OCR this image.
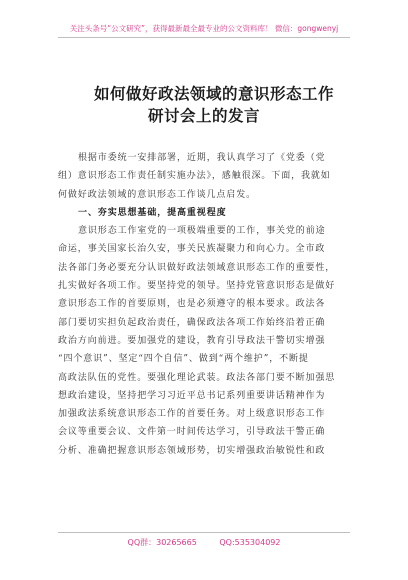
关注头条号“公文研究”，获得最新最全最专业的公文资料库！ 微信：gongwenyj
如何做好政法领域的意识形态工作
研讨会上的发言
根据市委统一安排部署，近期，我认真学习了《党委（党
组）意识形态工作责任制实施办法》，感触很深。下面，我就如
何做好政法领域的意识形态工作谈几点启发。
一、夯实思想基础，提高重视程度
意识形态工作室党的一项极端重要的工作，事关党的前途
命运，事关国家长治久安，事关民族凝聚力和向心力。全市政
法各部门务必要充分认识做好政法领域意识形态工作的重要性，
扎实做好各项工作。要坚持党的领导。坚持党管意识形态是做好
意识形态工作的首要原则，也是必须遵守的根本要求。政法各
部门要切实担负起政治责任，确保政法各项工作始终沿着正确
政治方向前进。要加强党的建设，教育引导政法干警切实增强
“四个意识”、坚定“四个自信”、做到“两个维护”，不断提
高政法队伍的党性。要强化理论武装。政法各部门要不断加强思
想政治建设，坚持把学习习近平总书记系列重要讲话精神作为
加强政法系统意识形态工作的首要任务。对上级意识形态工作
会议等重要会议、文件第一时间传达学习，引导政法干警正确
分析、准确把握意识形态领域形势，切实增强政治敏锐性和政
QQ群：30265665	QQ:535304092
